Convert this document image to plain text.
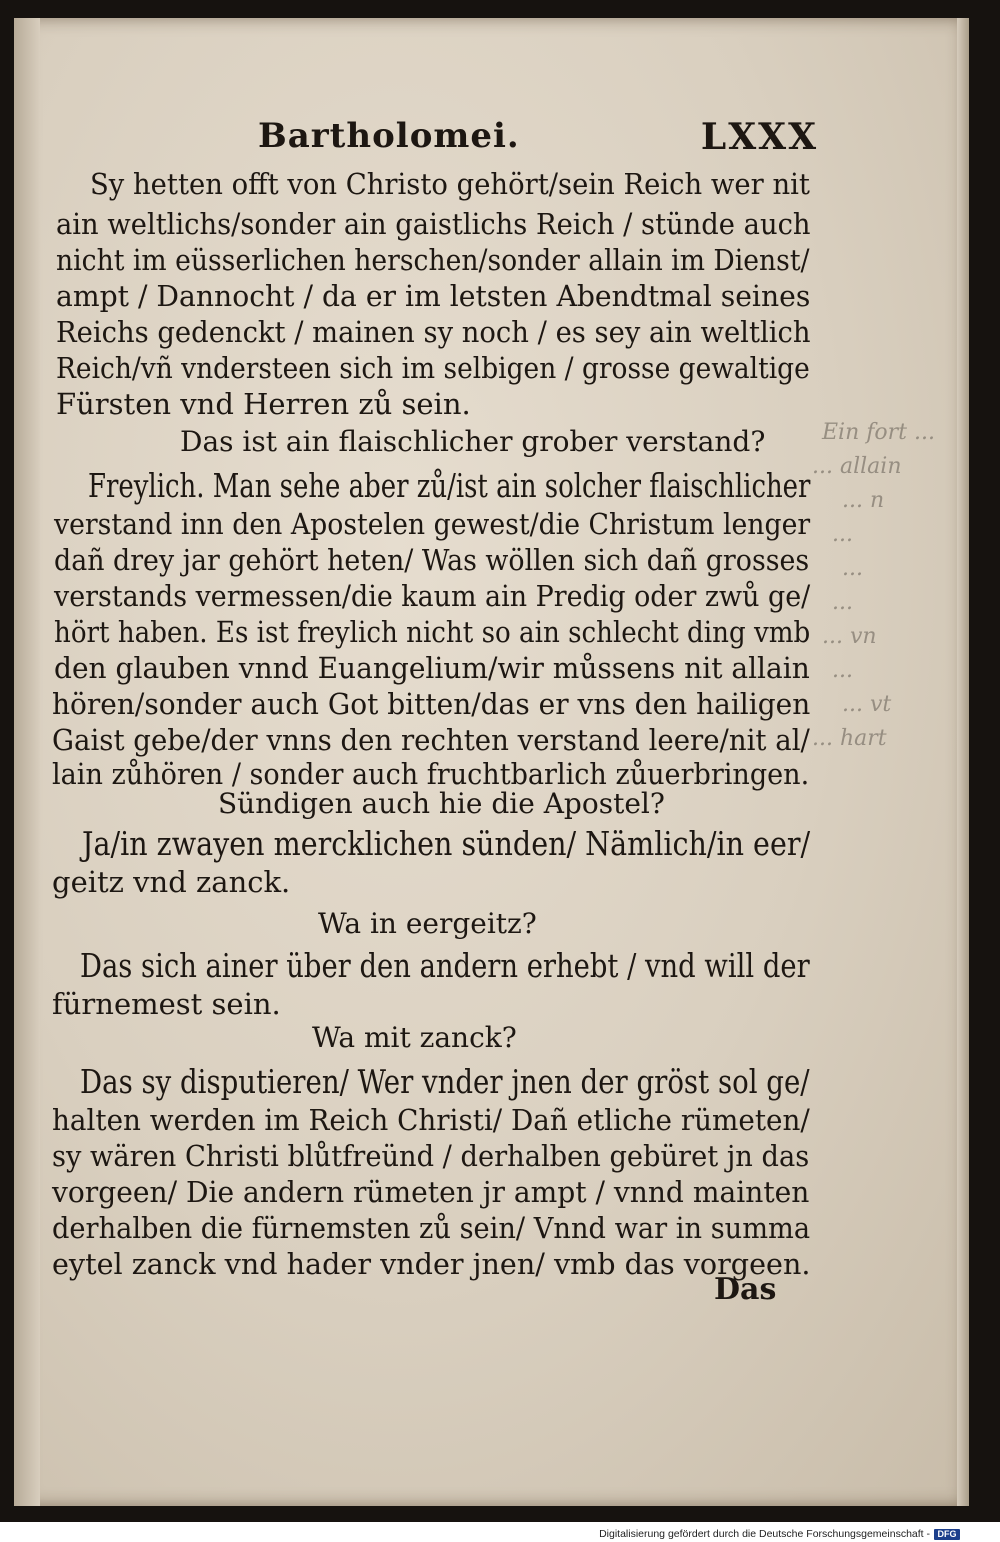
Bartholomei.	LXXX
Sy hetten offt von Christo gehört/sein Reich wer nit
ain weltlichs/sonder ain gaistlichs Reich / stünde auch
nicht im eüsserlichen herschen/sonder allain im Dienst/
ampt / Dannocht / da er im letsten Abendtmal seines
Reichs gedenckt / mainen sy noch / es sey ain weltlich
Reich/vñ vndersteen sich im selbigen / grosse gewaltige
Fürsten vnd Herren zů sein.
Das ist ain flaischlicher grober verstand?
Freylich. Man sehe aber zů/ist ain solcher flaischlicher
verstand inn den Apostelen gewest/die Christum lenger
dañ drey jar gehört heten/ Was wöllen sich dañ grosses
verstands vermessen/die kaum ain Predig oder zwů ge/
hört haben. Es ist freylich nicht so ain schlecht ding vmb
den glauben vnnd Euangelium/wir můssens nit allain
hören/sonder auch Got bitten/das er vns den hailigen
Gaist gebe/der vnns den rechten verstand leere/nit al/
lain zůhören / sonder auch fruchtbarlich zůuerbringen.
Sündigen auch hie die Apostel?
Ja/in zwayen mercklichen sünden/ Nämlich/in eer/
geitz vnd zanck.
Wa in eergeitz?
Das sich ainer über den andern erhebt / vnd will der
fürnemest sein.
Wa mit zanck?
Das sy disputieren/ Wer vnder jnen der gröst sol ge/
halten werden im Reich Christi/ Dañ etliche rümeten/
sy wären Christi blůtfreünd / derhalben gebüret jn das
vorgeen/ Die andern rümeten jr ampt / vnnd mainten
derhalben die fürnemsten zů sein/ Vnnd war in summa
eytel zanck vnd hader vnder jnen/ vmb das vorgeen.
Das
Ein fort ...
... allain
... n
...
...
...
... vn
...
... vt
... hart
Digitalisierung gefördert durch die Deutsche Forschungsgemeinschaft - DFG
